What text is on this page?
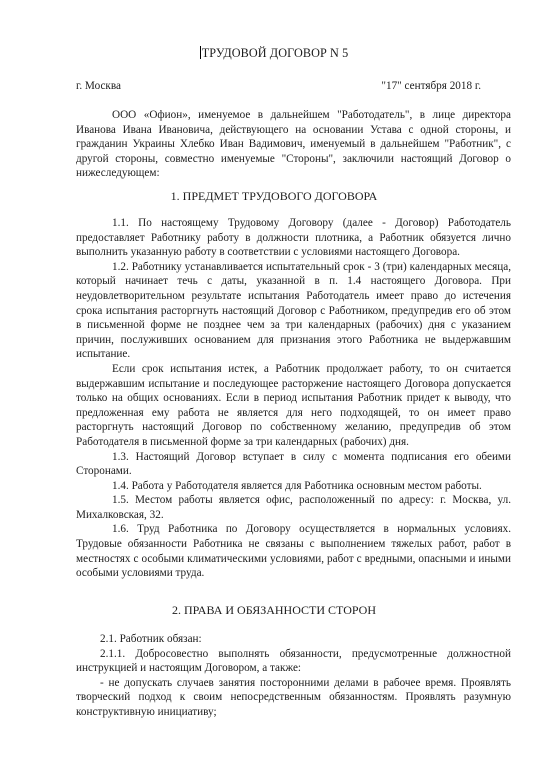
ТРУДОВОЙ ДОГОВОР N 5
г. Москва	"17" сентября 2018 г.

ООО «Офион», именуемое в дальнейшем "Работодатель", в лице директора Иванова Ивана Ивановича, действующего на основании Устава с одной стороны, и гражданин Украины Хлебко Иван Вадимович, именуемый в дальнейшем "Работник", с другой стороны, совместно именуемые "Стороны", заключили настоящий Договор о нижеследующем:

1. ПРЕДМЕТ ТРУДОВОГО ДОГОВОРА

1.1. По настоящему Трудовому Договору (далее - Договор) Работодатель предоставляет Работнику работу в должности плотника, а Работник обязуется лично выполнить указанную работу в соответствии с условиями настоящего Договора.

1.2. Работнику устанавливается испытательный срок - 3 (три) календарных месяца, который начинает течь с даты, указанной в п. 1.4 настоящего Договора. При неудовлетворительном результате испытания Работодатель имеет право до истечения срока испытания расторгнуть настоящий Договор с Работником, предупредив его об этом в письменной форме не позднее чем за три календарных (рабочих) дня с указанием причин, послуживших основанием для признания этого Работника не выдержавшим испытание.

Если срок испытания истек, а Работник продолжает работу, то он считается выдержавшим испытание и последующее расторжение настоящего Договора допускается только на общих основаниях. Если в период испытания Работник придет к выводу, что предложенная ему работа не является для него подходящей, то он имеет право расторгнуть настоящий Договор по собственному желанию, предупредив об этом Работодателя в письменной форме за три календарных (рабочих) дня.

1.3. Настоящий Договор вступает в силу с момента подписания его обеими Сторонами.

1.4. Работа у Работодателя является для Работника основным местом работы.

1.5. Местом работы является офис, расположенный по адресу: г. Москва, ул. Михалковская, 32.

1.6. Труд Работника по Договору осуществляется в нормальных условиях. Трудовые обязанности Работника не связаны с выполнением тяжелых работ, работ в местностях с особыми климатическими условиями, работ с вредными, опасными и иными особыми условиями труда.

2. ПРАВА И ОБЯЗАННОСТИ СТОРОН

2.1. Работник обязан:

2.1.1. Добросовестно выполнять обязанности, предусмотренные должностной инструкцией и настоящим Договором, а также:

- не допускать случаев занятия посторонними делами в рабочее время. Проявлять творческий подход к своим непосредственным обязанностям. Проявлять разумную конструктивную инициативу;
